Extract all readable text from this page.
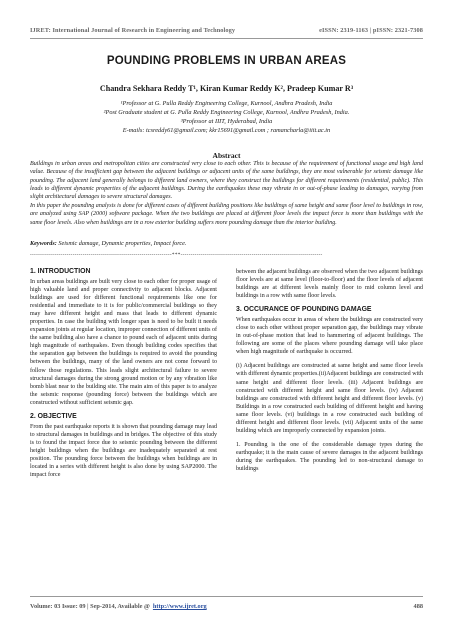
IJRET: International Journal of Research in Engineering and Technology	eISSN: 2319-1163 | pISSN: 2321-7308
POUNDING PROBLEMS IN URBAN AREAS
Chandra Sekhara Reddy T¹, Kiran Kumar Reddy K², Pradeep Kumar R³
¹Professor at G. Pulla Reddy Engineering College, Kurnool, Andhra Pradesh, India
²Post Graduate student at G. Pulla Reddy Engineering College, Kurnool, Andhra Pradesh, India.
³Professor at IIIT, Hyderabad, India
E-mails: tcsreddy61@gmail.com; kkr15691@gmail.com ; ramancharla@iiit.ac.in
Abstract

Buildings in urban areas and metropolitan cities are constructed very close to each other. This is because of the requirement of functional usage and high land value. Because of the insufficient gap between the adjacent buildings or adjacent units of the same buildings, they are most vulnerable for seismic damage like pounding. The adjacent land generally belongs to different land owners, where they construct the buildings for different requirements (residential, public). This leads to different dynamic properties of the adjacent buildings. During the earthquakes these may vibrate in or out-of-phase leading to damages, varying from slight architectural damages to severe structural damages.

In this paper the pounding analysis is done for different cases of different building positions like buildings of same height and same floor level to buildings in row, are analyzed using SAP (2000) software package. When the two buildings are placed at different floor levels the impact force is more than buildings with the same floor levels. Also when buildings are in a row exterior building suffers more pounding damage than the interior building.

Keywords: Seismic damage, Dynamic properties, Impact force.
----------------------------------------------------------------------***----------------------------------------------------------------------
1. INTRODUCTION

In urban areas buildings are built very close to each other for proper usage of high valuable land and proper connectivity to adjacent blocks. Adjacent buildings are used for different functional requirements like one for residential and immediate to it is for public/commercial buildings so they may have different height and mass that leads to different dynamic properties. In case the building with longer span is need to be built it needs expansion joints at regular location, improper connection of different units of the same building also have a chance to pound each of adjacent units during high magnitude of earthquakes. Even though building codes specifies that the separation gap between the buildings is required to avoid the pounding between the buildings, many of the land owners are not come forward to follow those regulations. This leads slight architectural failure to severe structural damages during the strong ground motion or by any vibration like bomb blast near to the building site. The main aim of this paper is to analyze the seismic response (pounding force) between the buildings which are constructed without sufficient seismic gap.

2. OBJECTIVE

From the past earthquake reports it is shown that pounding damage may lead to structural damages in buildings and in bridges. The objective of this study is to found the impact force due to seismic pounding between the different height buildings when the buildings are inadequately separated at rest position. The pounding force between the buildings when buildings are in located in a series with different height is also done by using SAP2000. The impact force

between the adjacent buildings are observed when the two adjacent buildings floor levels are at same level (floor-to-floor) and the floor levels of adjacent buildings are at different levels mainly floor to mid column level and buildings in a row with same floor levels.

3. OCCURANCE OF POUNDING DAMAGE

When earthquakes occur in areas of where the buildings are constructed very close to each other without proper separation gap, the buildings may vibrate in out-of-phase motion that lead to hammering of adjacent buildings. The following are some of the places where pounding damage will take place when high magnitude of earthquake is occurred.

(i) Adjacent buildings are constructed at same height and same floor levels with different dynamic properties.(ii)Adjacent buildings are constructed with same height and different floor levels. (iii) Adjacent buildings are constructed with different height and same floor levels. (iv) Adjacent buildings are constructed with different height and different floor levels. (v) Buildings in a row constructed each building of different height and having same floor levels. (vi) buildings in a row constructed each building of different height and different floor levels. (vii) Adjacent units of the same building which are improperly connected by expansion joints.

1. Pounding is the one of the considerable damage types during the earthquake; it is the main cause of severe damages in the adjacent buildings during the earthquakes. The pounding led to non-structural damage to buildings

Volume: 03 Issue: 09 | Sep-2014, Available @ http://www.ijret.org	488
